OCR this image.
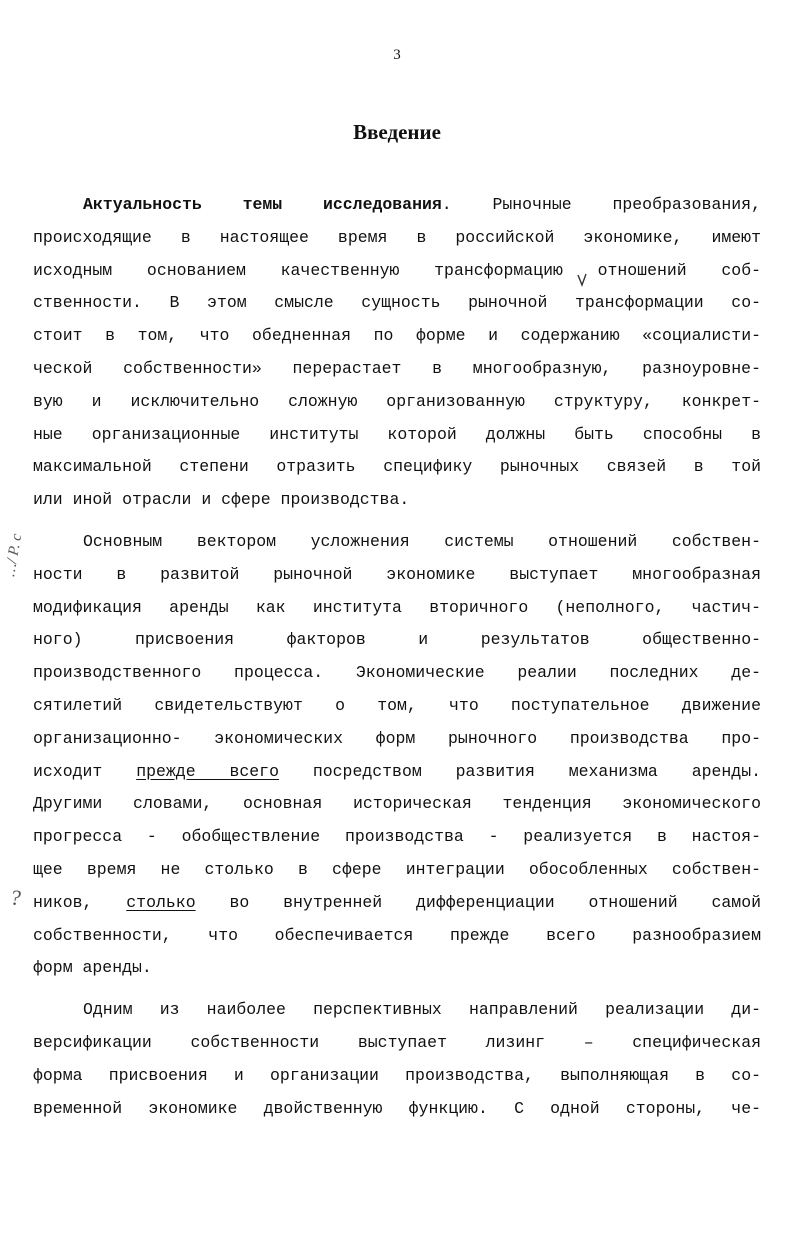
3
Введение
…/ Р. с
?
Актуальность темы исследования. Рыночные преобразования,
происходящие в настоящее время в российской экономике, имеют
исходным основанием качественную трансформацию отношений соб-
ственности. В этом смысле сущность рыночной трансформации со-
стоит в том, что обедненная по форме и содержанию «социалисти-
ческой собственности» перерастает в многообразную, разноуровне-
вую и исключительно сложную организованную структуру, конкрет-
ные организационные институты которой должны быть способны в
максимальной степени отразить специфику рыночных связей в той
или иной отрасли и сфере производства.
Основным вектором усложнения системы отношений собствен-
ности в развитой рыночной экономике выступает многообразная
модификация аренды как института вторичного (неполного, частич-
ного) присвоения факторов и результатов общественно-
производственного процесса. Экономические реалии последних де-
сятилетий свидетельствуют о том, что поступательное движение
организационно- экономических форм рыночного производства про-
исходит прежде всего посредством развития механизма аренды.
Другими словами, основная историческая тенденция экономического
прогресса - обобществление производства - реализуется в настоя-
щее время не столько в сфере интеграции обособленных собствен-
ников, столько во внутренней дифференциации отношений самой
собственности, что обеспечивается прежде всего разнообразием
форм аренды.
Одним из наиболее перспективных направлений реализации ди-
версификации собственности выступает лизинг – специфическая
форма присвоения и организации производства, выполняющая в со-
временной экономике двойственную функцию. С одной стороны, че-
